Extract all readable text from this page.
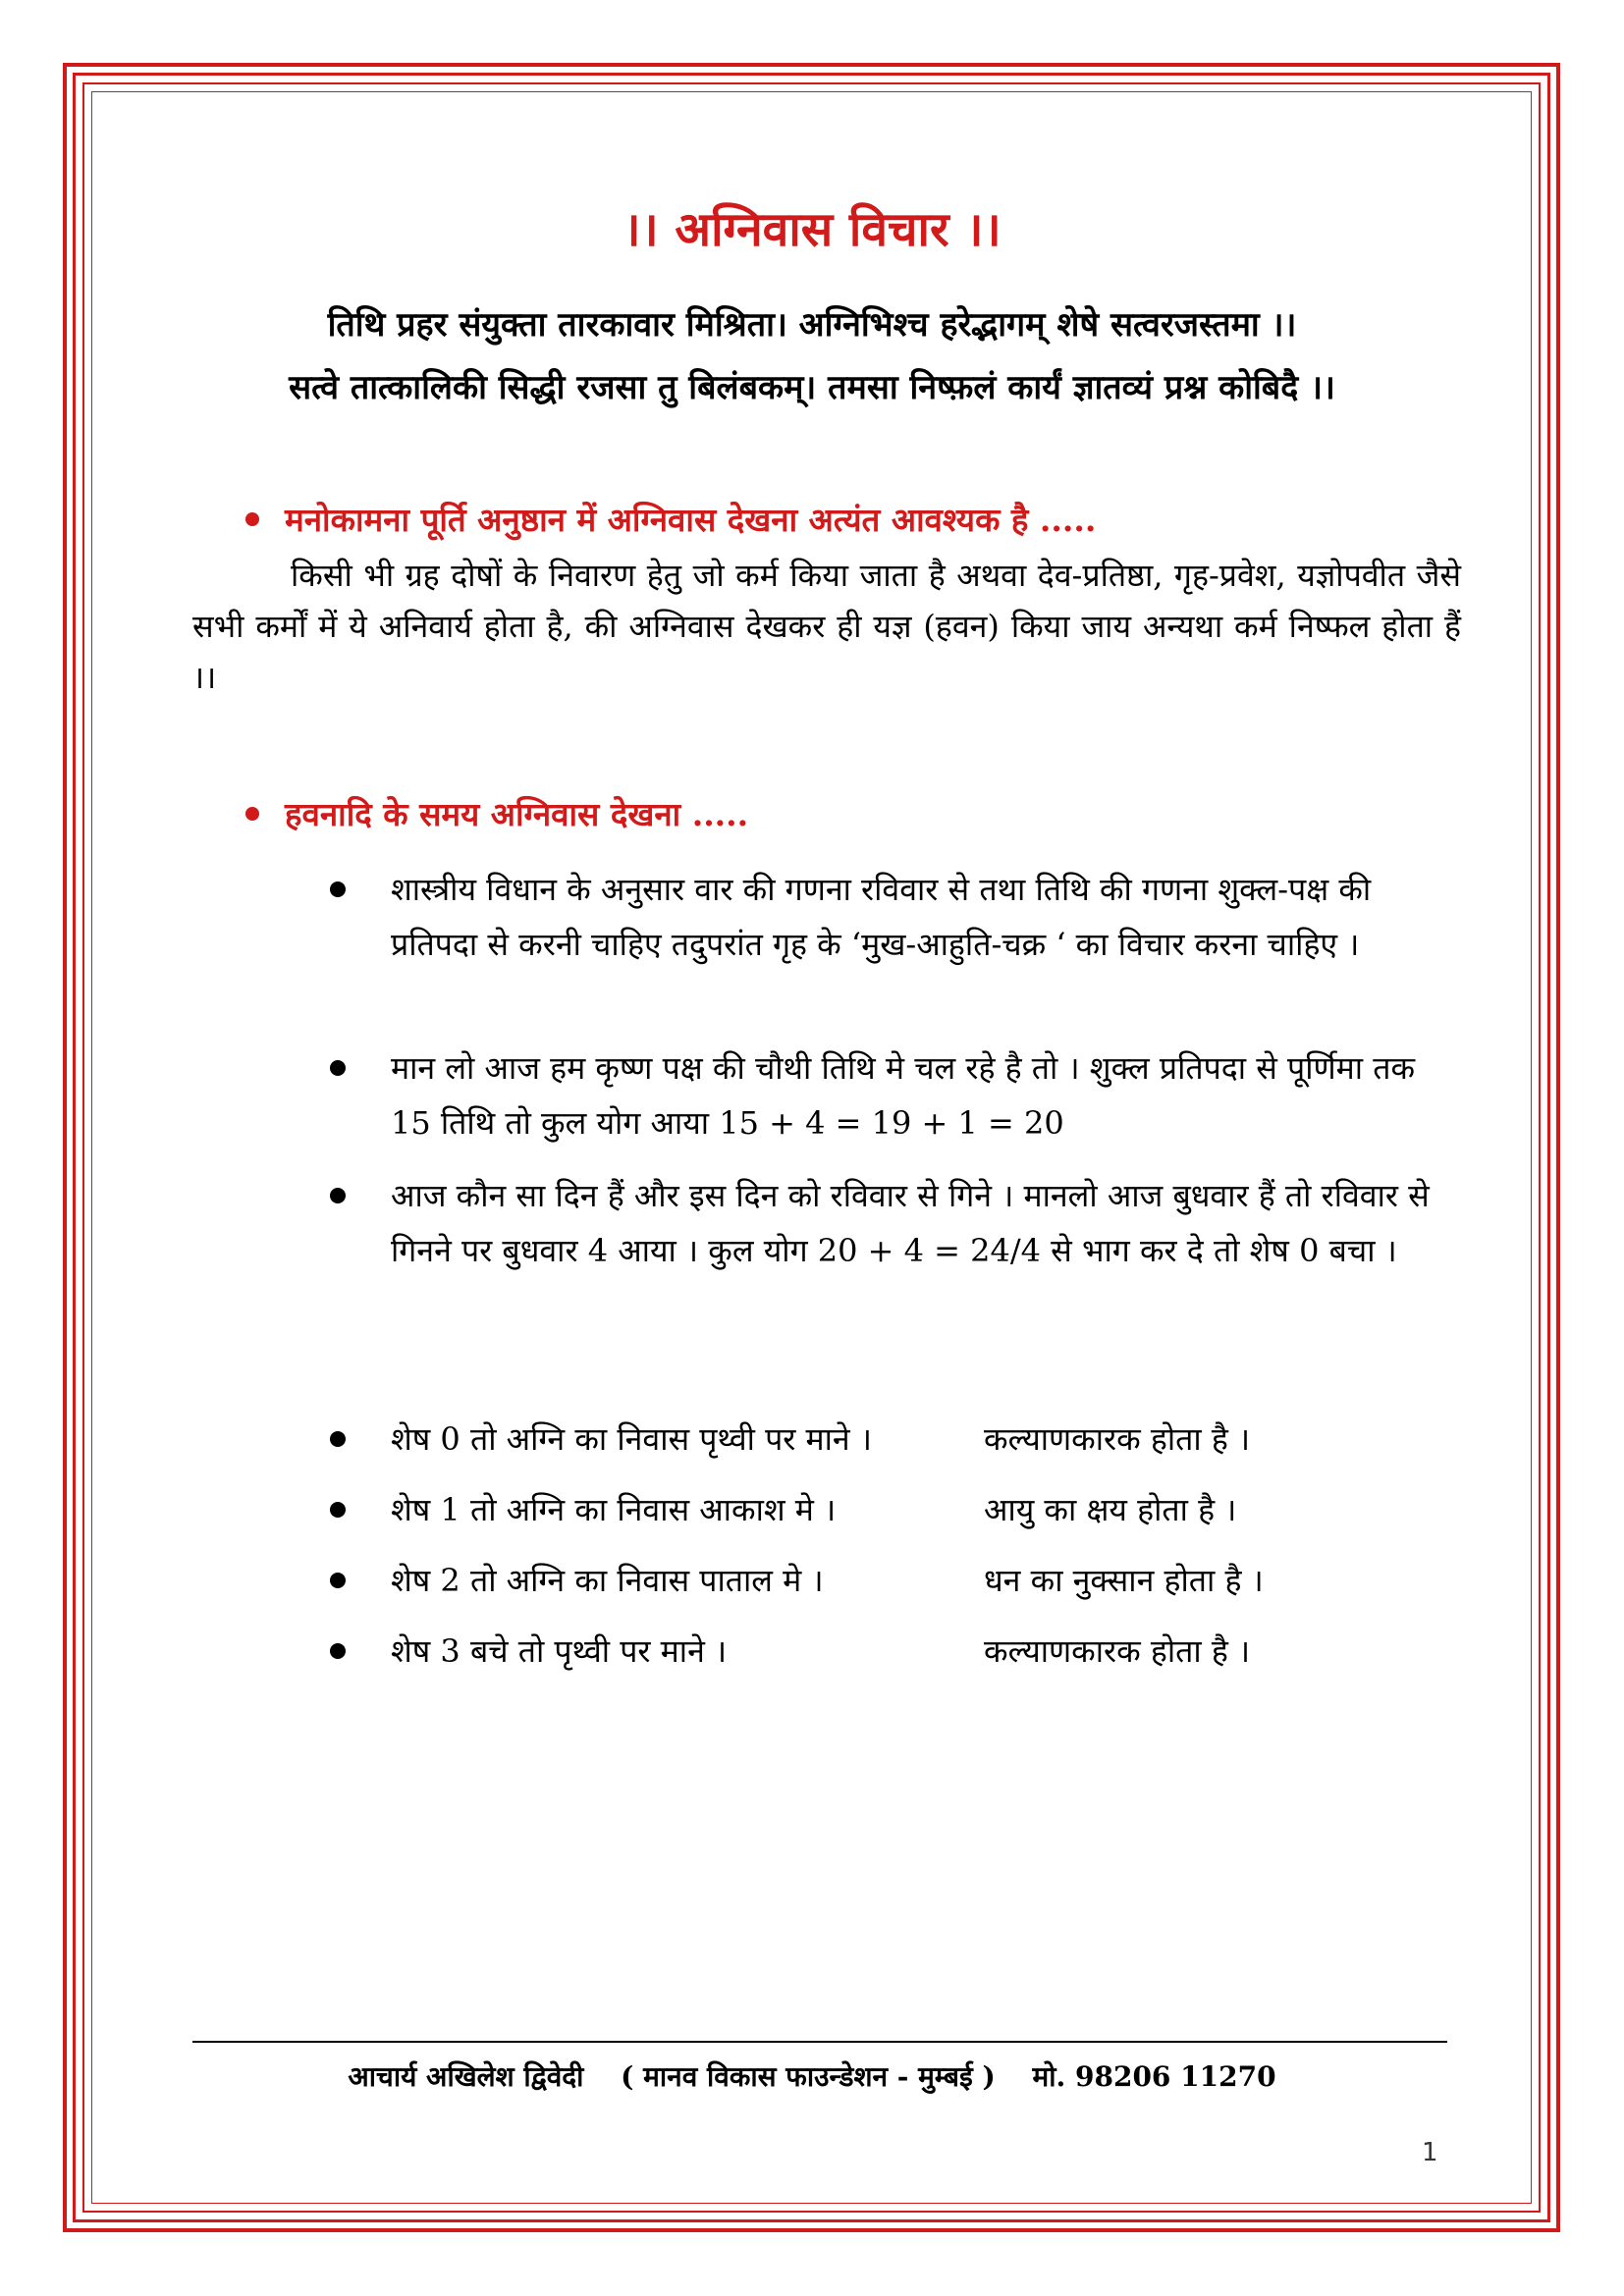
।। अग्निवास विचार ।।
तिथि प्रहर संयुक्ता तारकावार मिश्रिता। अग्निभिश्च हरेद्भागम् शेषे सत्वरजस्तमा ।।
सत्वे तात्कालिकी सिद्धी रजसा तु बिलंबकम्। तमसा निष्फ़लं कार्यं ज्ञातव्यं प्रश्न कोबिदै ।।
मनोकामना पूर्ति अनुष्ठान में अग्निवास देखना अत्यंत आवश्यक है .....
किसी भी ग्रह दोषों के निवारण हेतु जो कर्म किया जाता है अथवा देव-प्रतिष्ठा, गृह-प्रवेश, यज्ञोपवीत जैसे सभी कर्मों में ये अनिवार्य होता है, की अग्निवास देखकर ही यज्ञ (हवन) किया जाय अन्यथा कर्म निष्फल होता हैं ।।
हवनादि के समय अग्निवास देखना .....
शास्त्रीय विधान के अनुसार वार की गणना रविवार से तथा तिथि की गणना शुक्ल-पक्ष की प्रतिपदा से करनी चाहिए तदुपरांत गृह के ‘मुख-आहुति-चक्र ‘ का विचार करना चाहिए ।
मान लो आज हम कृष्ण पक्ष की चौथी तिथि मे चल रहे है तो । शुक्ल प्रतिपदा से पूर्णिमा तक 15 तिथि तो कुल योग आया 15 + 4 = 19 + 1 = 20
आज कौन सा दिन हैं और इस दिन को रविवार से गिने । मानलो आज बुधवार हैं तो रविवार से गिनने पर बुधवार 4 आया । कुल योग 20 + 4 = 24/4 से भाग कर दे तो शेष 0 बचा ।
शेष 0 तो अग्नि का निवास पृथ्वी पर माने ।	कल्याणकारक होता है ।
शेष 1 तो अग्नि का निवास आकाश मे ।	आयु का क्षय होता है ।
शेष 2 तो अग्नि का निवास पाताल मे ।	धन का नुक्सान होता है ।
शेष 3 बचे तो पृथ्वी पर माने ।	कल्याणकारक होता है ।
आचार्य अखिलेश द्विवेदी ( मानव विकास फाउन्डेशन - मुम्बई ) मो. 98206 11270
1
